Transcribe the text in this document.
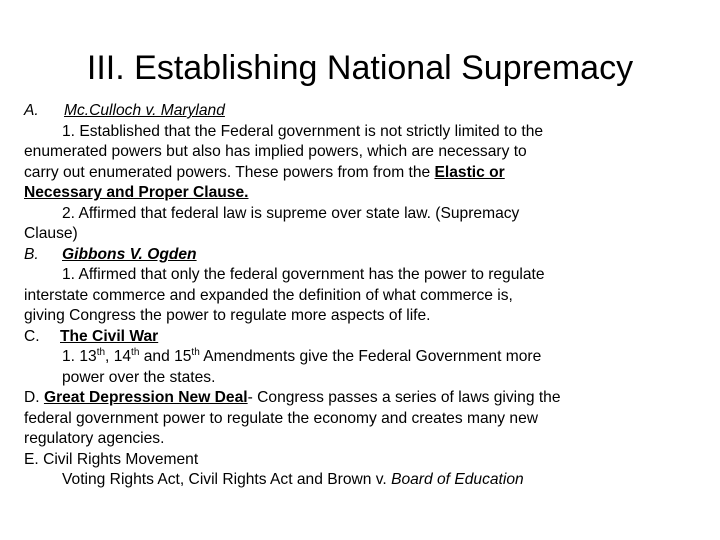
III. Establishing National Supremacy
A. Mc.Culloch v. Maryland
1. Established that the Federal government is not strictly limited to the
enumerated powers but also has implied powers, which are necessary to
carry out enumerated powers. These powers from from the Elastic or
Necessary and Proper Clause.
2. Affirmed that federal law is supreme over state law. (Supremacy
Clause)
B. Gibbons V. Ogden
1. Affirmed that only the federal government has the power to regulate
interstate commerce and expanded the definition of what commerce is,
giving Congress the power to regulate more aspects of life.
C. The Civil War
1. 13th, 14th and 15th Amendments give the Federal Government more
power over the states.
D. Great Depression New Deal- Congress passes a series of laws giving the
federal government power to regulate the economy and creates many new
regulatory agencies.
E. Civil Rights Movement
Voting Rights Act, Civil Rights Act and Brown v. Board of Education
